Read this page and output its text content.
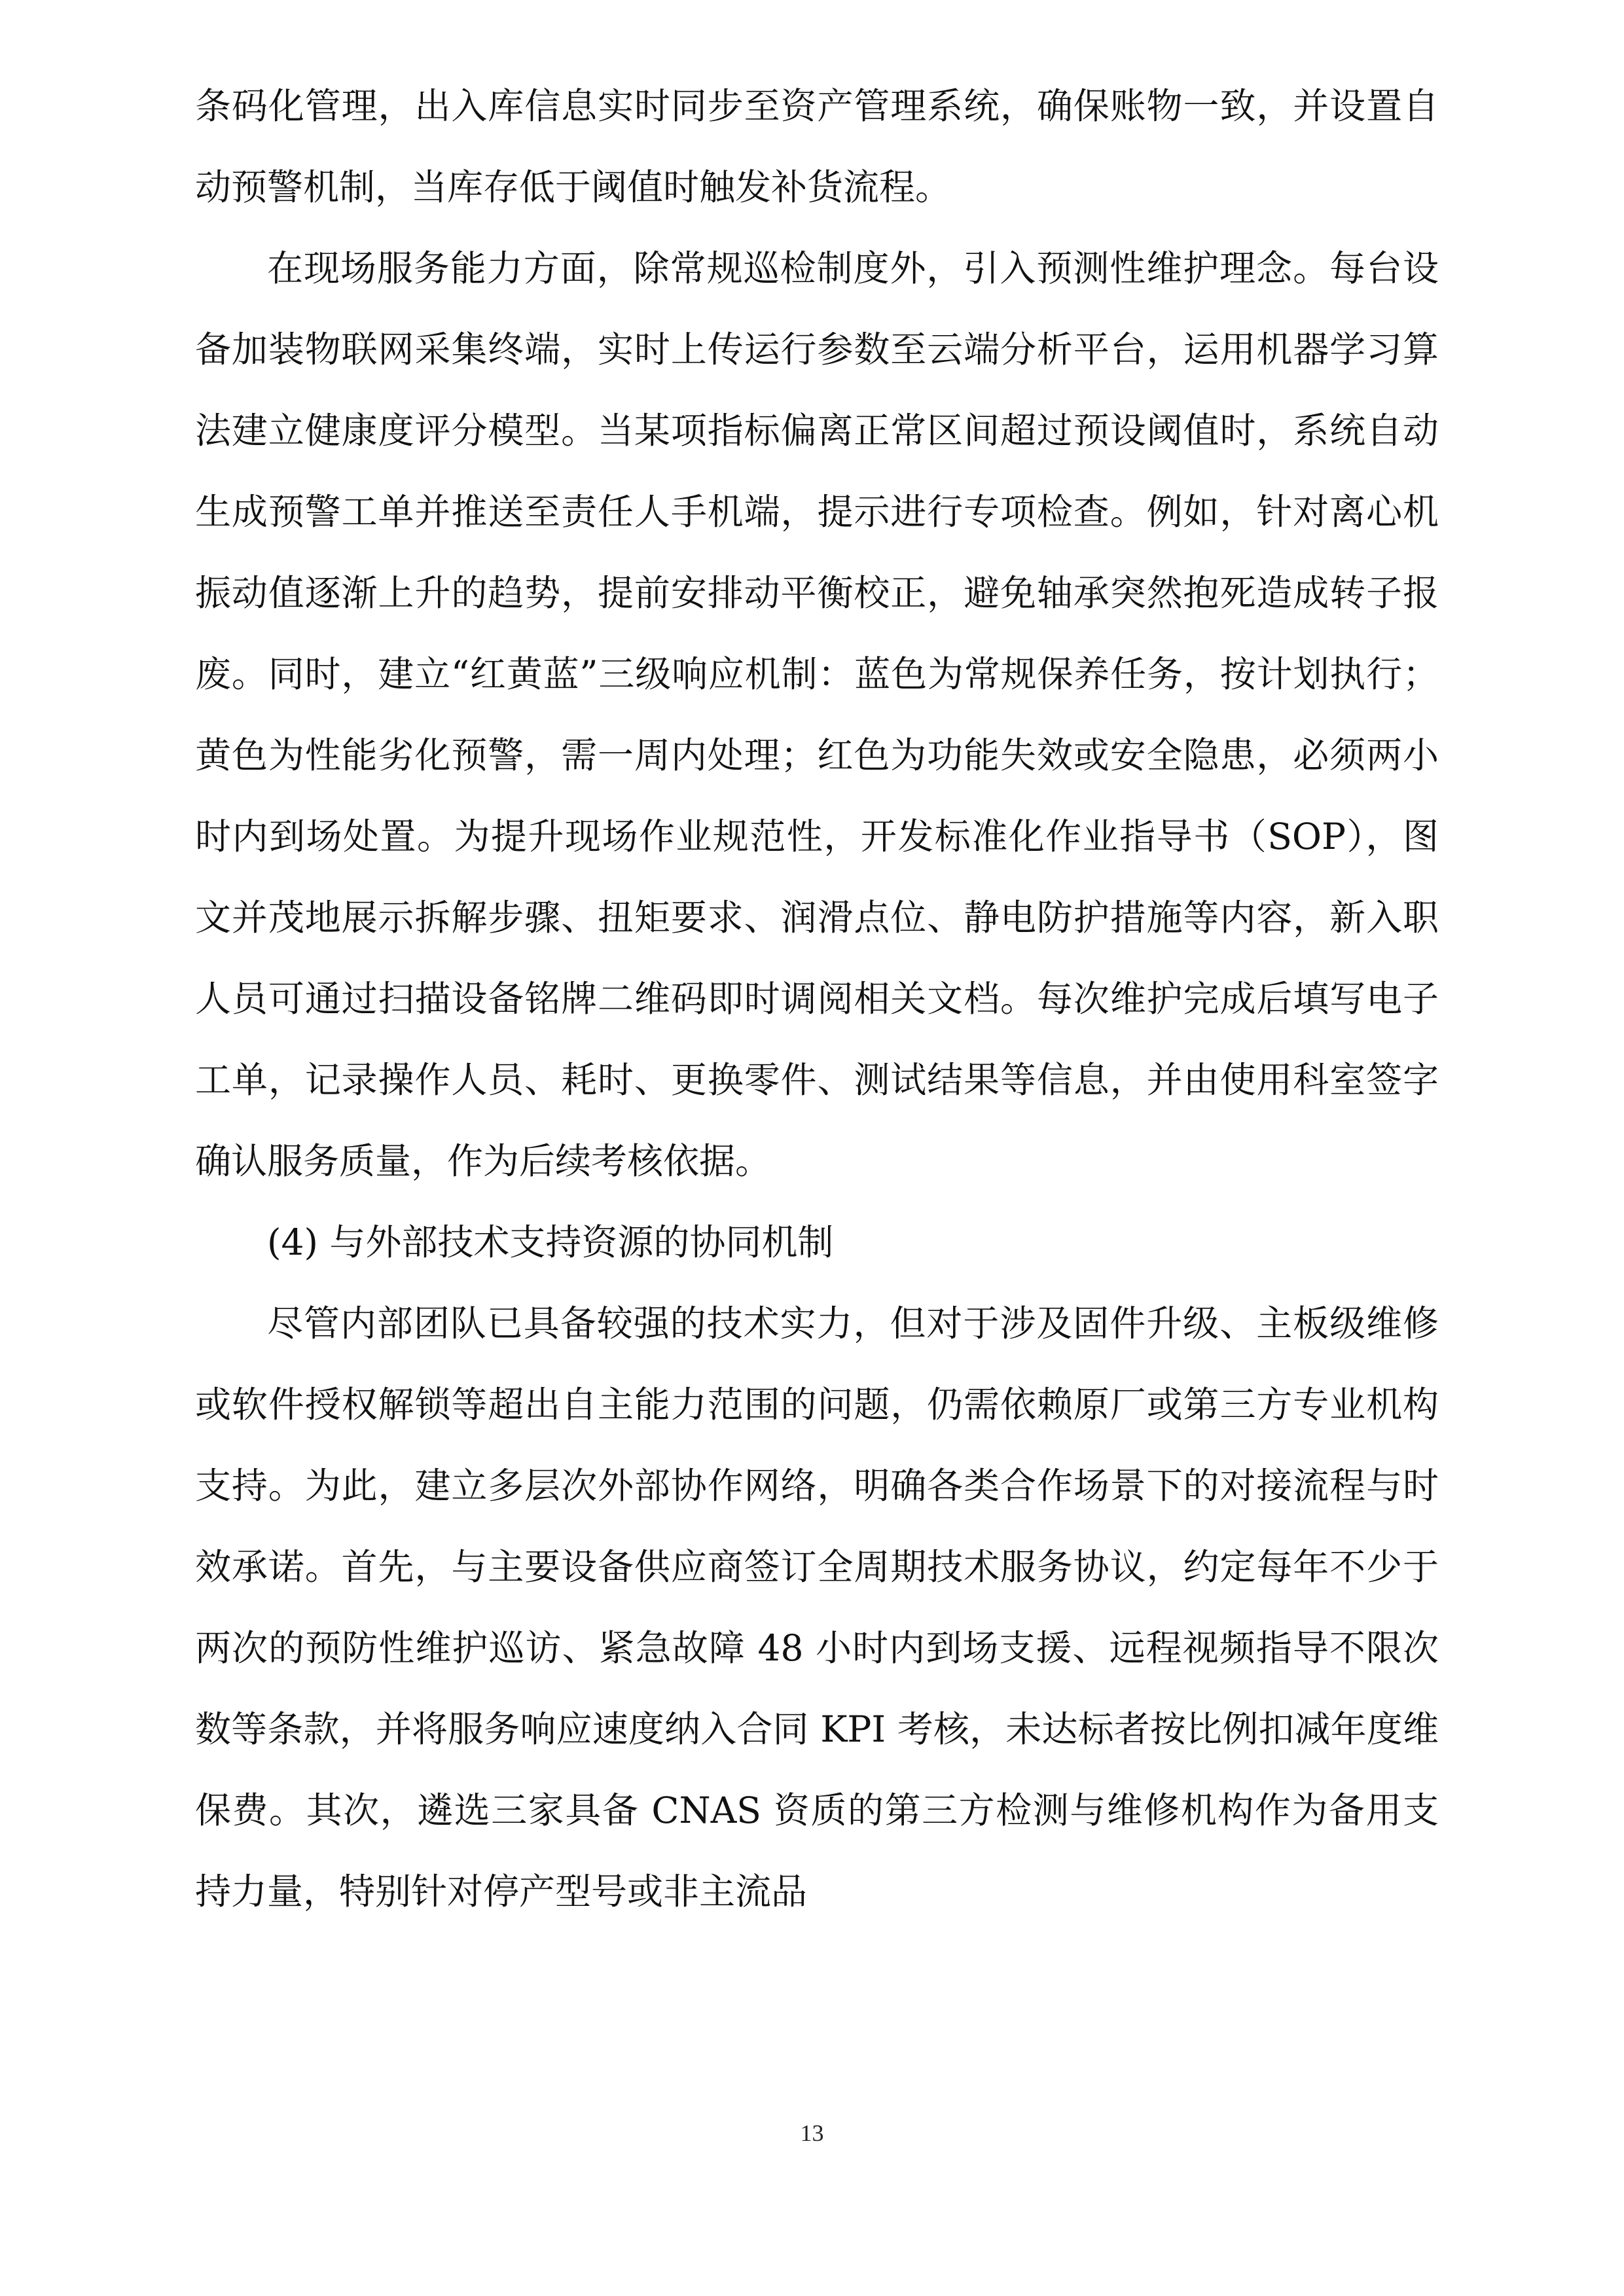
条码化管理，出入库信息实时同步至资产管理系统，确保账物一致，并设置自动预警机制，当库存低于阈值时触发补货流程。

在现场服务能力方面，除常规巡检制度外，引入预测性维护理念。每台设备加装物联网采集终端，实时上传运行参数至云端分析平台，运用机器学习算法建立健康度评分模型。当某项指标偏离正常区间超过预设阈值时，系统自动生成预警工单并推送至责任人手机端，提示进行专项检查。例如，针对离心机振动值逐渐上升的趋势，提前安排动平衡校正，避免轴承突然抱死造成转子报废。同时，建立“红黄蓝”三级响应机制：蓝色为常规保养任务，按计划执行；黄色为性能劣化预警，需一周内处理；红色为功能失效或安全隐患，必须两小时内到场处置。为提升现场作业规范性，开发标准化作业指导书（SOP），图文并茂地展示拆解步骤、扭矩要求、润滑点位、静电防护措施等内容，新入职人员可通过扫描设备铭牌二维码即时调阅相关文档。每次维护完成后填写电子工单，记录操作人员、耗时、更换零件、测试结果等信息，并由使用科室签字确认服务质量，作为后续考核依据。

(4) 与外部技术支持资源的协同机制

尽管内部团队已具备较强的技术实力，但对于涉及固件升级、主板级维修或软件授权解锁等超出自主能力范围的问题，仍需依赖原厂或第三方专业机构支持。为此，建立多层次外部协作网络，明确各类合作场景下的对接流程与时效承诺。首先，与主要设备供应商签订全周期技术服务协议，约定每年不少于两次的预防性维护巡访、紧急故障 48 小时内到场支援、远程视频指导不限次数等条款，并将服务响应速度纳入合同 KPI 考核，未达标者按比例扣减年度维保费。其次，遴选三家具备 CNAS 资质的第三方检测与维修机构作为备用支持力量，特别针对停产型号或非主流品

13
